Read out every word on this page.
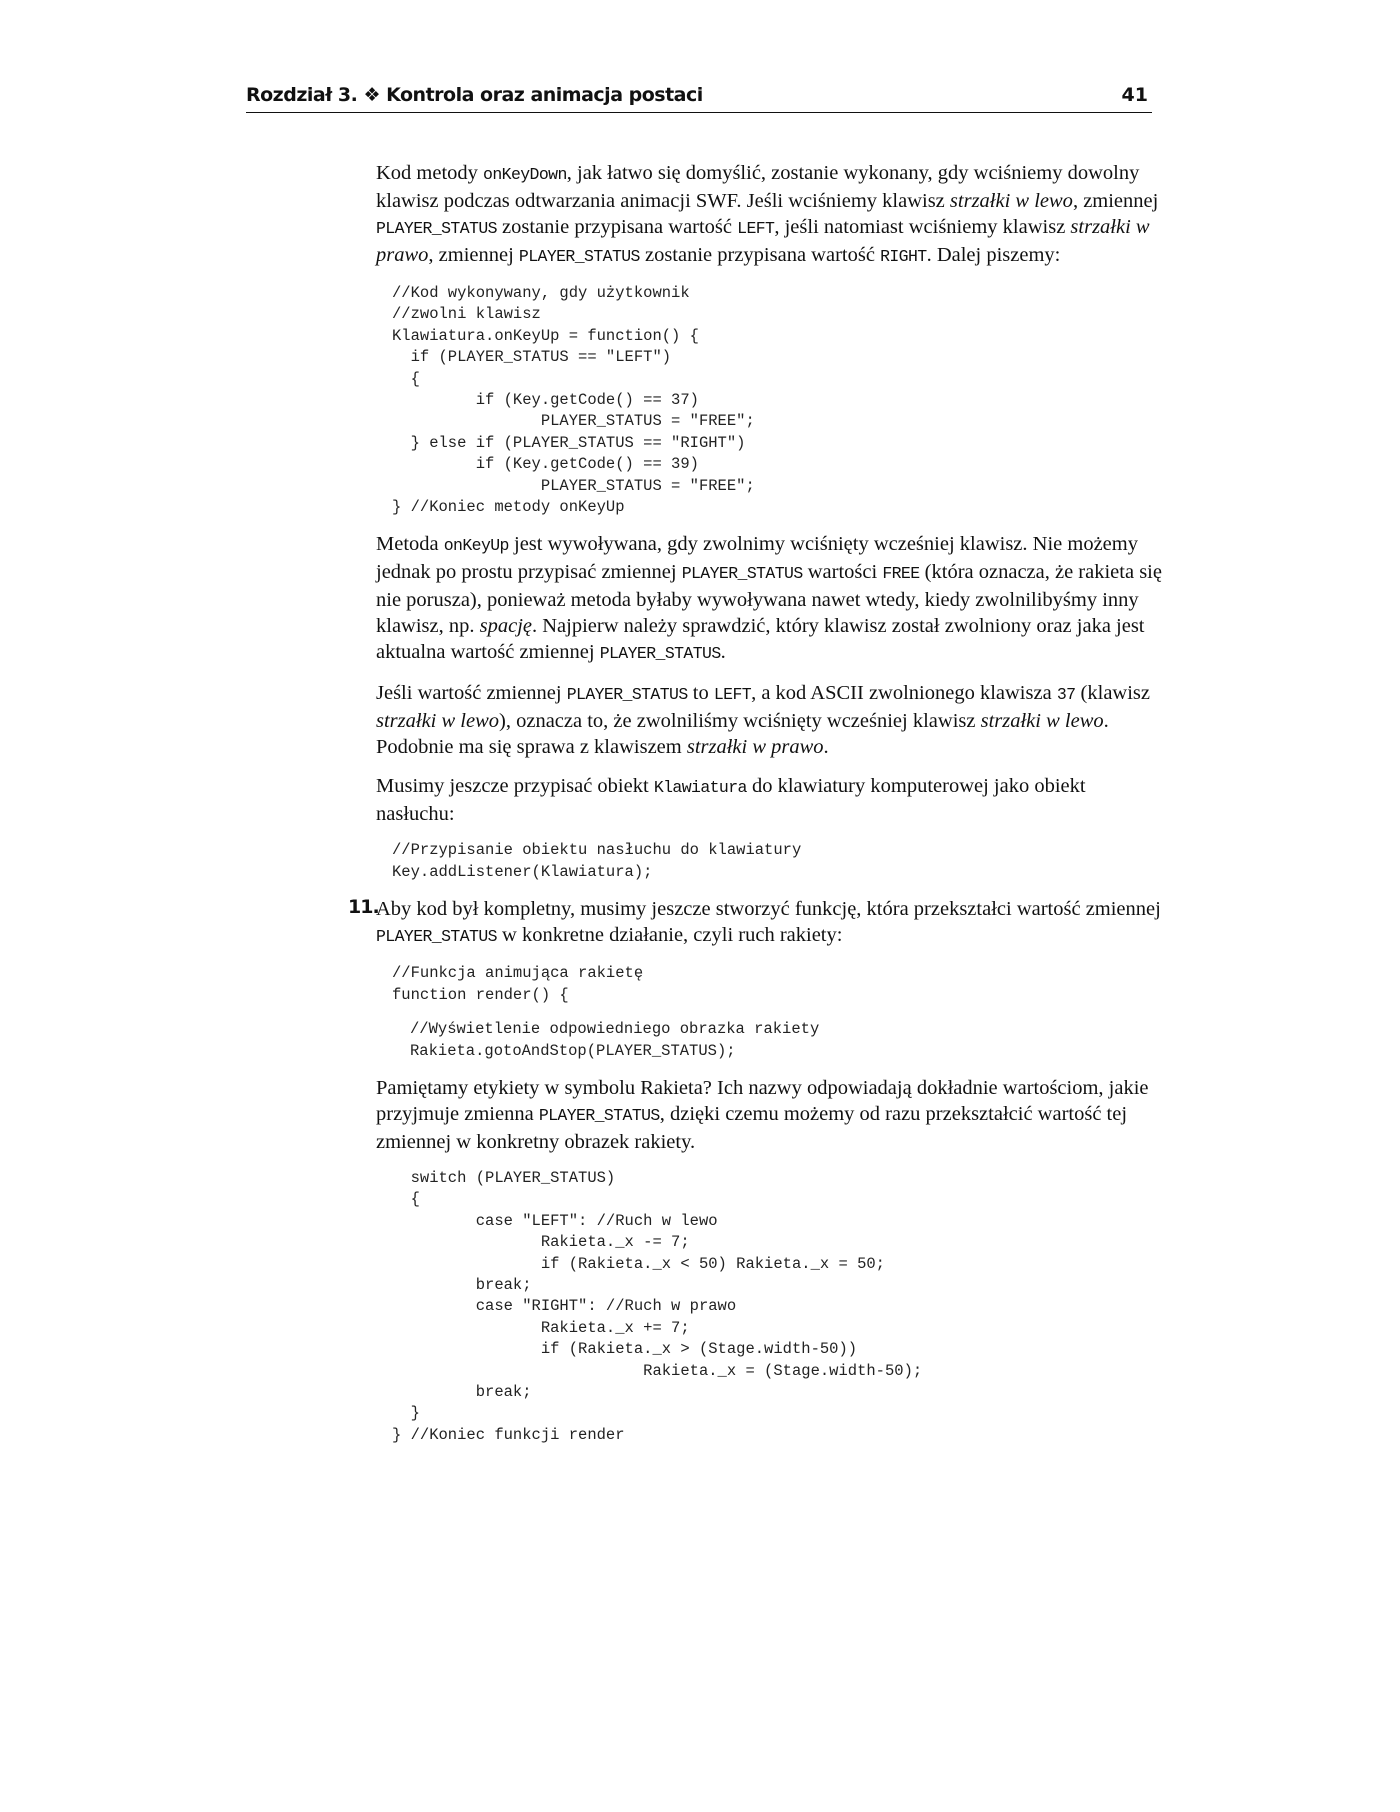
Rozdział 3. ❖ Kontrola oraz animacja postaci	41

Kod metody onKeyDown, jak łatwo się domyślić, zostanie wykonany, gdy wciśniemy dowolny klawisz podczas odtwarzania animacji SWF. Jeśli wciśniemy klawisz strzałki w lewo, zmiennej PLAYER_STATUS zostanie przypisana wartość LEFT, jeśli natomiast wciśniemy klawisz strzałki w prawo, zmiennej PLAYER_STATUS zostanie przypisana wartość RIGHT. Dalej piszemy:

//Kod wykonywany, gdy użytkownik
//zwolni klawisz
Klawiatura.onKeyUp = function() {
if (PLAYER_STATUS == "LEFT")
{
if (Key.getCode() == 37)
PLAYER_STATUS = "FREE";
} else if (PLAYER_STATUS == "RIGHT")
if (Key.getCode() == 39)
PLAYER_STATUS = "FREE";
} //Koniec metody onKeyUp

Metoda onKeyUp jest wywoływana, gdy zwolnimy wciśnięty wcześniej klawisz. Nie możemy jednak po prostu przypisać zmiennej PLAYER_STATUS wartości FREE (która oznacza, że rakieta się nie porusza), ponieważ metoda byłaby wywoływana nawet wtedy, kiedy zwolnilibyśmy inny klawisz, np. spację. Najpierw należy sprawdzić, który klawisz został zwolniony oraz jaka jest aktualna wartość zmiennej PLAYER_STATUS.

Jeśli wartość zmiennej PLAYER_STATUS to LEFT, a kod ASCII zwolnionego klawisza 37 (klawisz strzałki w lewo), oznacza to, że zwolniliśmy wciśnięty wcześniej klawisz strzałki w lewo. Podobnie ma się sprawa z klawiszem strzałki w prawo.

Musimy jeszcze przypisać obiekt Klawiatura do klawiatury komputerowej jako obiekt nasłuchu:

//Przypisanie obiektu nasłuchu do klawiatury
Key.addListener(Klawiatura);
11.

Aby kod był kompletny, musimy jeszcze stworzyć funkcję, która przekształci wartość zmiennej PLAYER_STATUS w konkretne działanie, czyli ruch rakiety:

//Funkcja animująca rakietę
function render() {
//Wyświetlenie odpowiedniego obrazka rakiety
Rakieta.gotoAndStop(PLAYER_STATUS);

Pamiętamy etykiety w symbolu Rakieta? Ich nazwy odpowiadają dokładnie wartościom, jakie przyjmuje zmienna PLAYER_STATUS, dzięki czemu możemy od razu przekształcić wartość tej zmiennej w konkretny obrazek rakiety.

switch (PLAYER_STATUS)
{
case "LEFT": //Ruch w lewo
Rakieta._x -= 7;
if (Rakieta._x < 50) Rakieta._x = 50;
break;
case "RIGHT": //Ruch w prawo
Rakieta._x += 7;
if (Rakieta._x > (Stage.width-50))
Rakieta._x = (Stage.width-50);
break;
}
} //Koniec funkcji render
